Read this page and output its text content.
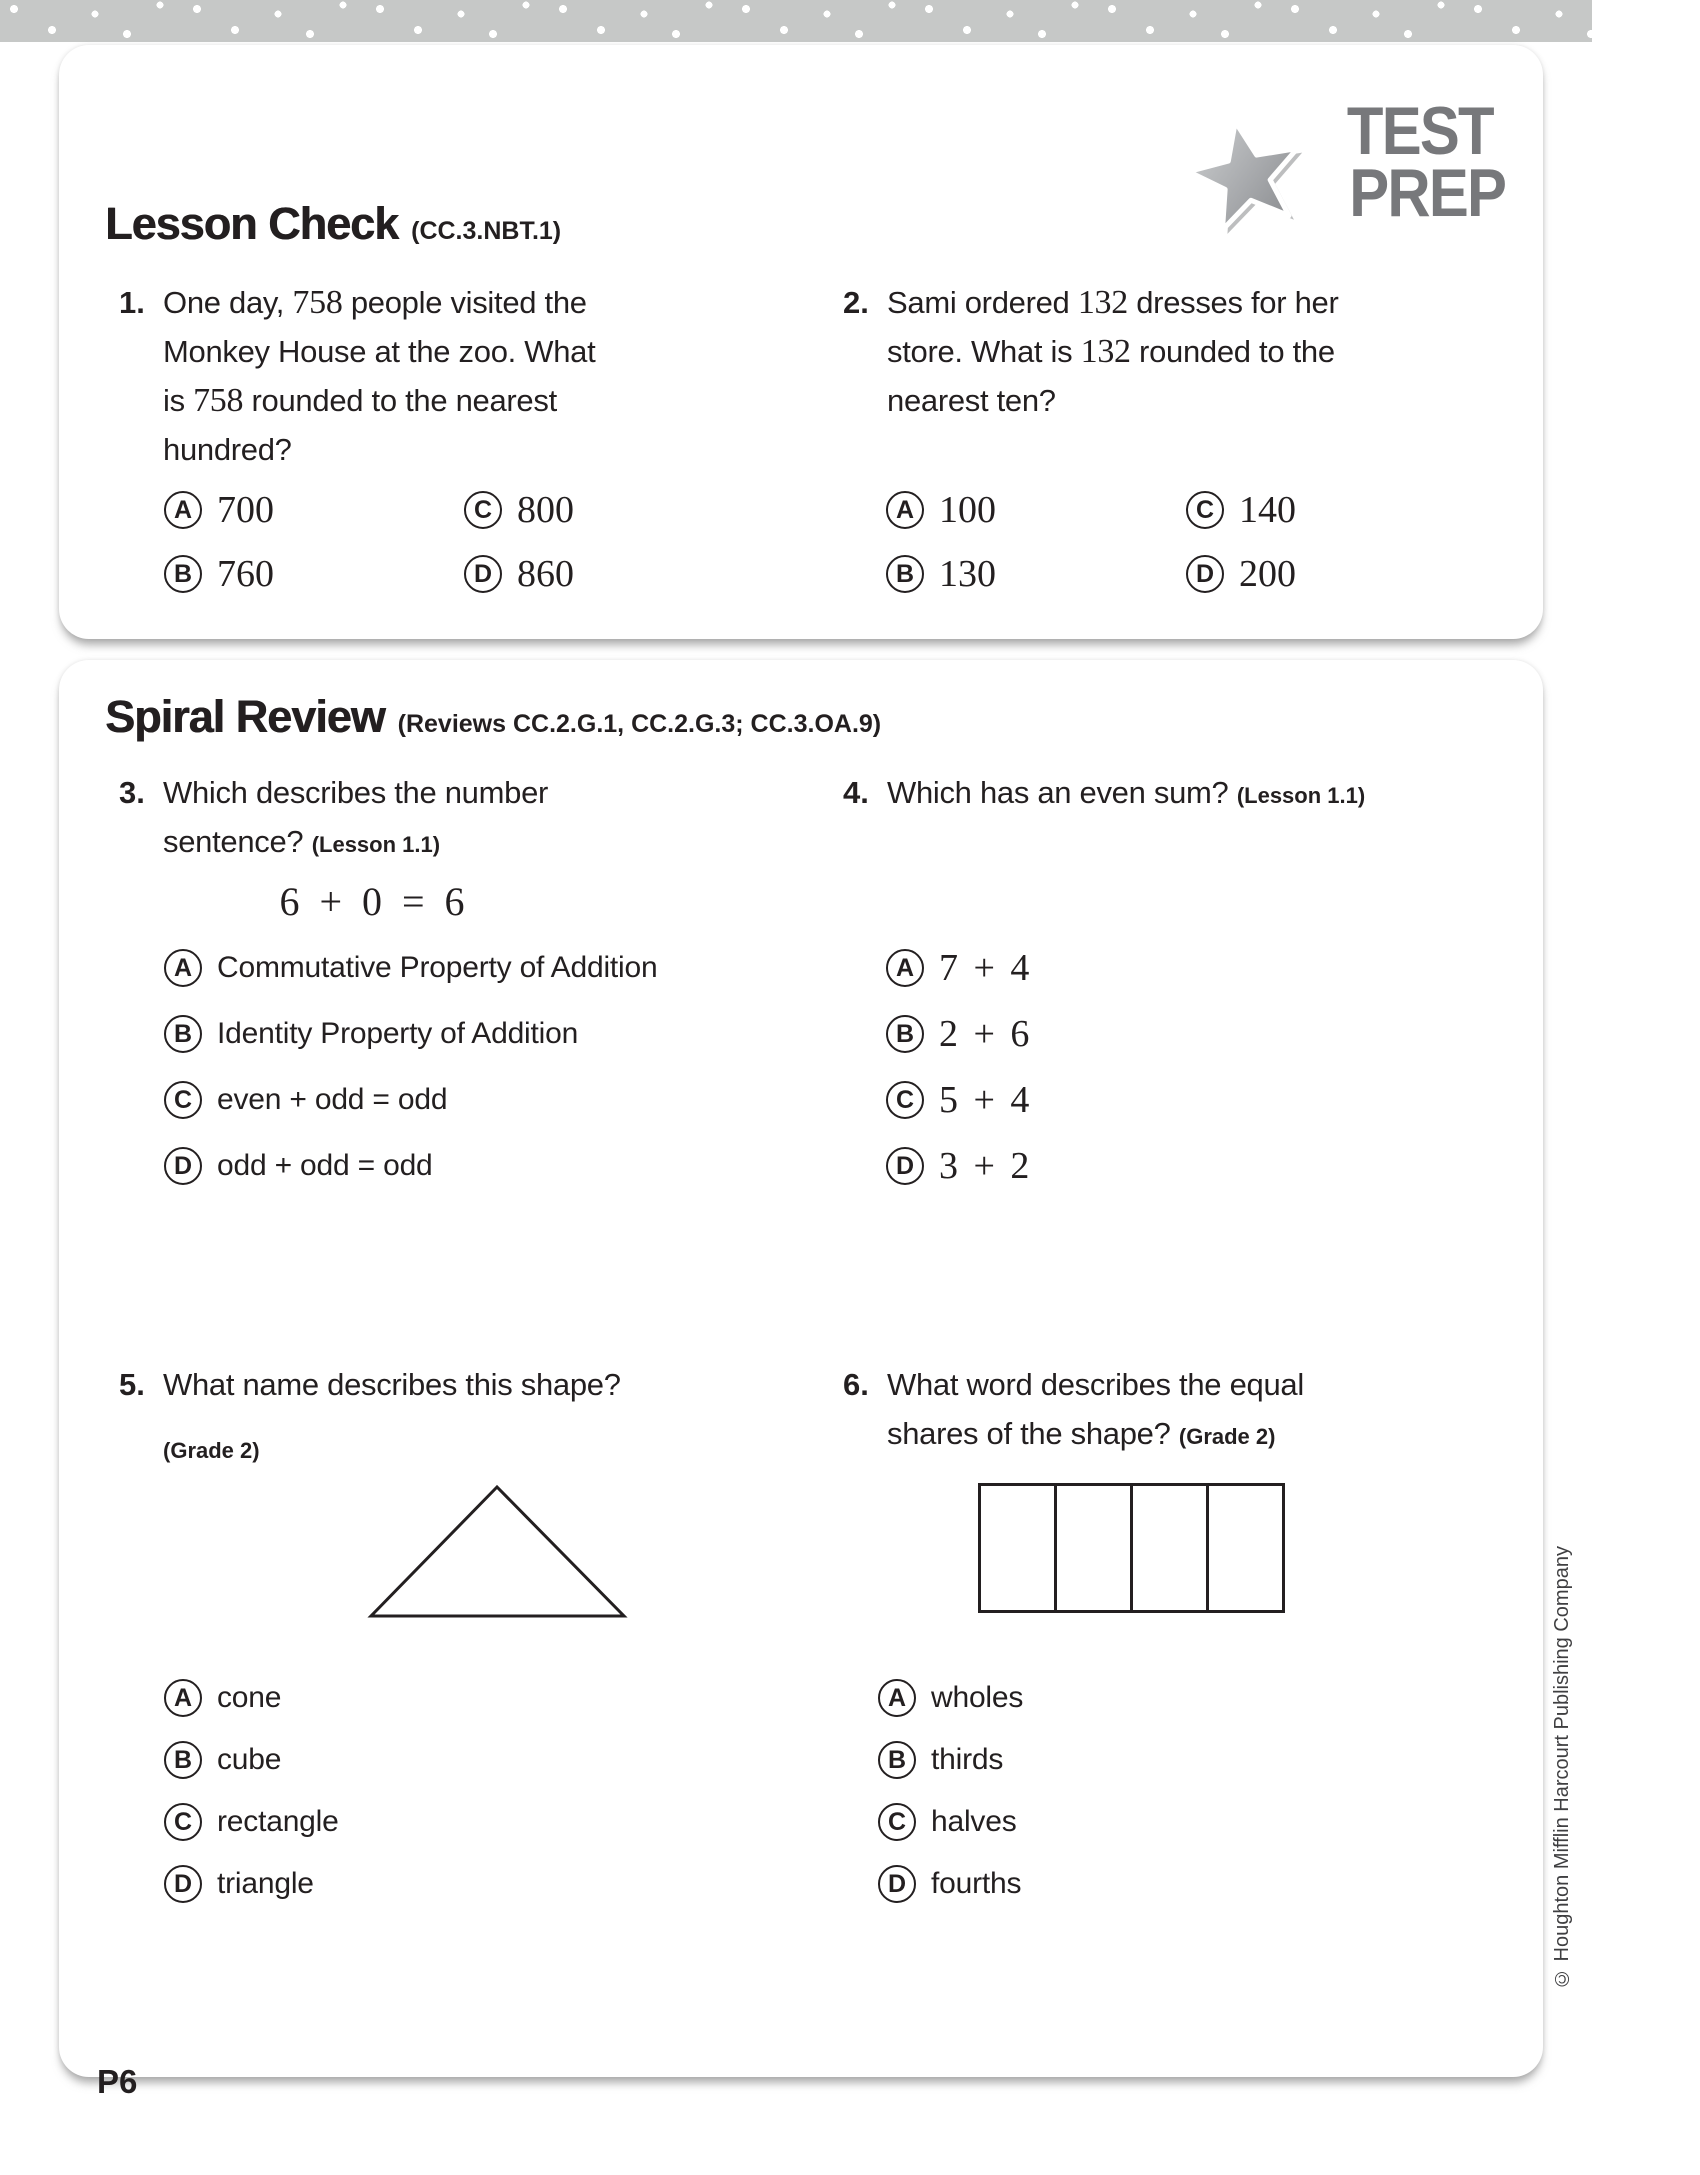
TEST
PREP
Lesson Check (CC.3.NBT.1)
1. One day, 758 people visited the
Monkey House at the zoo. What
is 758 rounded to the nearest
hundred?
A 700	C 800
B 760	D 860
2. Sami ordered 132 dresses for her
store. What is 132 rounded to the
nearest ten?
A 100	C 140
B 130	D 200
Spiral Review (Reviews CC.2.G.1, CC.2.G.3; CC.3.OA.9)
3. Which describes the number
sentence? (Lesson 1.1)
6 + 0 = 6
A Commutative Property of Addition
B Identity Property of Addition
C even + odd = odd
D odd + odd = odd
4. Which has an even sum? (Lesson 1.1)
A 7 + 4
B 2 + 6
C 5 + 4
D 3 + 2
5. What name describes this shape?
(Grade 2)
A cone
B cube
C rectangle
D triangle
6. What word describes the equal
shares of the shape? (Grade 2)
A wholes
B thirds
C halves
D fourths	© Houghton Mifflin Harcourt Publishing Company
P6
